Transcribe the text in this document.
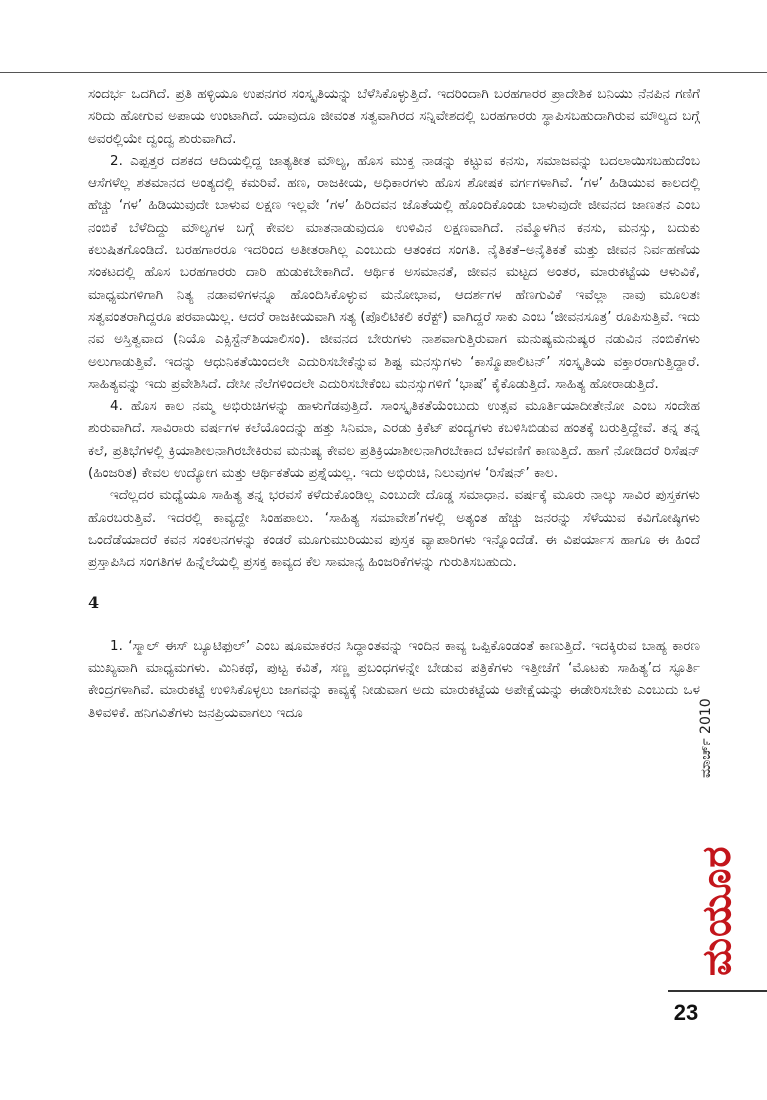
ಸಂದರ್ಭ ಒದಗಿದೆ. ಪ್ರತಿ ಹಳ್ಳಿಯೂ ಉಪನಗರ ಸಂಸ್ಕೃತಿಯನ್ನು ಬೆಳೆಸಿಕೊಳ್ಳುತ್ತಿದೆ. ಇದರಿಂದಾಗಿ ಬರಹಗಾರರ ಪ್ರಾದೇಶಿಕ ಬನಿಯು ನೆನಪಿನ ಗಣಿಗೆ ಸರಿದು ಹೋಗುವ ಅಪಾಯ ಉಂಟಾಗಿದೆ. ಯಾವುದೂ ಜೀವಂತ ಸತ್ವವಾಗಿರದ ಸನ್ನಿವೇಶದಲ್ಲಿ ಬರಹಗಾರರು ಸ್ಥಾಪಿಸಬಹುದಾಗಿರುವ ಮೌಲ್ಯದ ಬಗ್ಗೆ ಅವರಲ್ಲಿಯೇ ದ್ವಂದ್ವ ಶುರುವಾಗಿದೆ.

2. ಎಪ್ಪತ್ತರ ದಶಕದ ಆದಿಯಲ್ಲಿದ್ದ ಜಾತ್ಯತೀತ ಮೌಲ್ಯ, ಹೊಸ ಮುಕ್ತ ನಾಡನ್ನು ಕಟ್ಟುವ ಕನಸು, ಸಮಾಜವನ್ನು ಬದಲಾಯಿಸಬಹುದೆಂಬ ಆಸೆಗಳೆಲ್ಲ ಶತಮಾನದ ಅಂತ್ಯದಲ್ಲಿ ಕಮರಿವೆ. ಹಣ, ರಾಜಕೀಯ, ಅಧಿಕಾರಗಳು ಹೊಸ ಶೋಷಕ ವರ್ಗಗಳಾಗಿವೆ. ‘ಗಳ’ ಹಿಡಿಯುವ ಕಾಲದಲ್ಲಿ ಹೆಚ್ಚು ‘ಗಳ’ ಹಿಡಿಯುವುದೇ ಬಾಳುವ ಲಕ್ಷಣ ಇಲ್ಲವೇ ‘ಗಳ’ ಹಿರಿದವನ ಜೊತೆಯಲ್ಲಿ ಹೊಂದಿಕೊಂಡು ಬಾಳುವುದೇ ಜೀವನದ ಜಾಣತನ ಎಂಬ ನಂಬಿಕೆ ಬೆಳೆದಿದ್ದು ಮೌಲ್ಯಗಳ ಬಗ್ಗೆ ಕೇವಲ ಮಾತನಾಡುವುದೂ ಉಳಿವಿನ ಲಕ್ಷಣವಾಗಿದೆ. ನಮ್ಮೊಳಗಿನ ಕನಸು, ಮನಸ್ಸು, ಬದುಕು ಕಲುಷಿತಗೊಂಡಿದೆ. ಬರಹಗಾರರೂ ಇದರಿಂದ ಅತೀತರಾಗಿಲ್ಲ ಎಂಬುದು ಆತಂಕದ ಸಂಗತಿ. ನೈತಿಕತೆ–ಅನೈತಿಕತೆ ಮತ್ತು ಜೀವನ ನಿರ್ವಹಣೆಯ ಸಂಕಟದಲ್ಲಿ ಹೊಸ ಬರಹಗಾರರು ದಾರಿ ಹುಡುಕಬೇಕಾಗಿದೆ. ಆರ್ಥಿಕ ಅಸಮಾನತೆ, ಜೀವನ ಮಟ್ಟದ ಅಂತರ, ಮಾರುಕಟ್ಟೆಯ ಆಳುವಿಕೆ, ಮಾಧ್ಯಮಗಳಿಗಾಗಿ ನಿತ್ಯ ನಡಾವಳಿಗಳನ್ನೂ ಹೊಂದಿಸಿಕೊಳ್ಳುವ ಮನೋಭಾವ, ಆದರ್ಶಗಳ ಹೆಣಗುವಿಕೆ ಇವೆಲ್ಲಾ ನಾವು ಮೂಲತಃ ಸತ್ವವಂತರಾಗಿದ್ದರೂ ಪರವಾಯಿಲ್ಲ. ಆದರೆ ರಾಜಕೀಯವಾಗಿ ಸತ್ಯ (ಪೊಲಿಟಿಕಲಿ ಕರೆಕ್ಟ್) ವಾಗಿದ್ದರೆ ಸಾಕು ಎಂಬ ‘ಜೀವನಸೂತ್ರ’ ರೂಪಿಸುತ್ತಿವೆ. ಇದು ನವ ಅಸ್ತಿತ್ವವಾದ (ನಿಯೊ ಎಕ್ಸಿಸ್ಟೆನ್‌ಶಿಯಾಲಿಸಂ). ಜೀವನದ ಬೇರುಗಳು ನಾಶವಾಗುತ್ತಿರುವಾಗ ಮನುಷ್ಯಮನುಷ್ಯರ ನಡುವಿನ ನಂಬಿಕೆಗಳು ಅಲುಗಾಡುತ್ತಿವೆ. ಇದನ್ನು ಆಧುನಿಕತೆಯಿಂದಲೇ ಎದುರಿಸಬೇಕೆನ್ನುವ ಶಿಷ್ಟ ಮನಸ್ಸುಗಳು ‘ಕಾಸ್ಮೊಪಾಲಿಟನ್’ ಸಂಸ್ಕೃತಿಯ ವಕ್ತಾರರಾಗುತ್ತಿದ್ದಾರೆ. ಸಾಹಿತ್ಯವನ್ನು ಇದು ಪ್ರವೇಶಿಸಿದೆ. ದೇಸೀ ನೆಲೆಗಳಿಂದಲೇ ಎದುರಿಸಬೇಕೆಂಬ ಮನಸ್ಸುಗಳಿಗೆ ‘ಭಾಷೆ’ ಕೈಕೊಡುತ್ತಿದೆ. ಸಾಹಿತ್ಯ ಹೋರಾಡುತ್ತಿದೆ.

4. ಹೊಸ ಕಾಲ ನಮ್ಮ ಅಭಿರುಚಿಗಳನ್ನು ಹಾಳುಗೆಡವುತ್ತಿದೆ. ಸಾಂಸ್ಕೃತಿಕತೆಯೆಂಬುದು ಉತ್ಸವ ಮೂರ್ತಿಯಾದೀತೇನೋ ಎಂಬ ಸಂದೇಹ ಶುರುವಾಗಿದೆ. ಸಾವಿರಾರು ವರ್ಷಗಳ ಕಲೆಯೊಂದನ್ನು ಹತ್ತು ಸಿನಿಮಾ, ಎರಡು ಕ್ರಿಕೆಟ್ ಪಂದ್ಯಗಳು ಕಬಳಿಸಿಬಿಡುವ ಹಂತಕ್ಕೆ ಬರುತ್ತಿದ್ದೇವೆ. ತನ್ನ ತನ್ನ ಕಲೆ, ಪ್ರತಿಭೆಗಳಲ್ಲಿ ಕ್ರಿಯಾಶೀಲನಾಗಿರಬೇಕಿರುವ ಮನುಷ್ಯ ಕೇವಲ ಪ್ರತಿಕ್ರಿಯಾಶೀಲನಾಗಿರಬೇಕಾದ ಬೆಳವಣಿಗೆ ಕಾಣುತ್ತಿದೆ. ಹಾಗೆ ನೋಡಿದರೆ ರಿಸೆಷನ್ (ಹಿಂಜರಿತ) ಕೇವಲ ಉದ್ಯೋಗ ಮತ್ತು ಆರ್ಥಿಕತೆಯ ಪ್ರಶ್ನೆಯಲ್ಲ. ಇದು ಅಭಿರುಚಿ, ನಿಲುವುಗಳ ‘ರಿಸೆಷನ್’ ಕಾಲ.

ಇದೆಲ್ಲದರ ಮಧ್ಯೆಯೂ ಸಾಹಿತ್ಯ ತನ್ನ ಭರವಸೆ ಕಳೆದುಕೊಂಡಿಲ್ಲ ಎಂಬುದೇ ದೊಡ್ಡ ಸಮಾಧಾನ. ವರ್ಷಕ್ಕೆ ಮೂರು ನಾಲ್ಕು ಸಾವಿರ ಪುಸ್ತಕಗಳು ಹೊರಬರುತ್ತಿವೆ. ಇದರಲ್ಲಿ ಕಾವ್ಯದ್ದೇ ಸಿಂಹಪಾಲು. ‘ಸಾಹಿತ್ಯ ಸಮಾವೇಶ’ಗಳಲ್ಲಿ ಅತ್ಯಂತ ಹೆಚ್ಚು ಜನರನ್ನು ಸೆಳೆಯುವ ಕವಿಗೋಷ್ಠಿಗಳು ಒಂದೆಡೆಯಾದರೆ ಕವನ ಸಂಕಲನಗಳನ್ನು ಕಂಡರೆ ಮೂಗುಮುರಿಯುವ ಪುಸ್ತಕ ವ್ಯಾಪಾರಿಗಳು ಇನ್ನೊಂದೆಡೆ. ಈ ವಿಪರ್ಯಾಸ ಹಾಗೂ ಈ ಹಿಂದೆ ಪ್ರಸ್ತಾಪಿಸಿದ ಸಂಗತಿಗಳ ಹಿನ್ನೆಲೆಯಲ್ಲಿ ಪ್ರಸಕ್ತ ಕಾವ್ಯದ ಕೆಲ ಸಾಮಾನ್ಯ ಹಿಂಜರಿಕೆಗಳನ್ನು ಗುರುತಿಸಬಹುದು.

4

1. ‘ಸ್ಮಾಲ್ ಈಸ್ ಬ್ಯೂಟಿಫುಲ್’ ಎಂಬ ಷೂಮಾಕರನ ಸಿದ್ಧಾಂತವನ್ನು ಇಂದಿನ ಕಾವ್ಯ ಒಪ್ಪಿಕೊಂಡಂತೆ ಕಾಣುತ್ತಿದೆ. ಇದಕ್ಕಿರುವ ಬಾಹ್ಯ ಕಾರಣ ಮುಖ್ಯವಾಗಿ ಮಾಧ್ಯಮಗಳು. ಮಿನಿಕಥೆ, ಪುಟ್ಟ ಕವಿತೆ, ಸಣ್ಣ ಪ್ರಬಂಧಗಳನ್ನೇ ಬೇಡುವ ಪತ್ರಿಕೆಗಳು ಇತ್ತೀಚೆಗೆ ‘ಮೊಟಕು ಸಾಹಿತ್ಯ’ದ ಸ್ಫೂರ್ತಿ ಕೇಂದ್ರಗಳಾಗಿವೆ. ಮಾರುಕಟ್ಟೆ ಉಳಿಸಿಕೊಳ್ಳಲು ಜಾಗವನ್ನು ಕಾವ್ಯಕ್ಕೆ ನೀಡುವಾಗ ಅದು ಮಾರುಕಟ್ಟೆಯ ಅಪೇಕ್ಷೆಯನ್ನು ಈಡೇರಿಸಬೇಕು ಎಂಬುದು ಒಳ ತಿಳಿವಳಿಕೆ. ಹನಿಗವಿತೆಗಳು ಜನಪ್ರಿಯವಾಗಲು ಇದೂ	ಮಾರ್ಚ್ 2010
ಮಯೂರ
23
